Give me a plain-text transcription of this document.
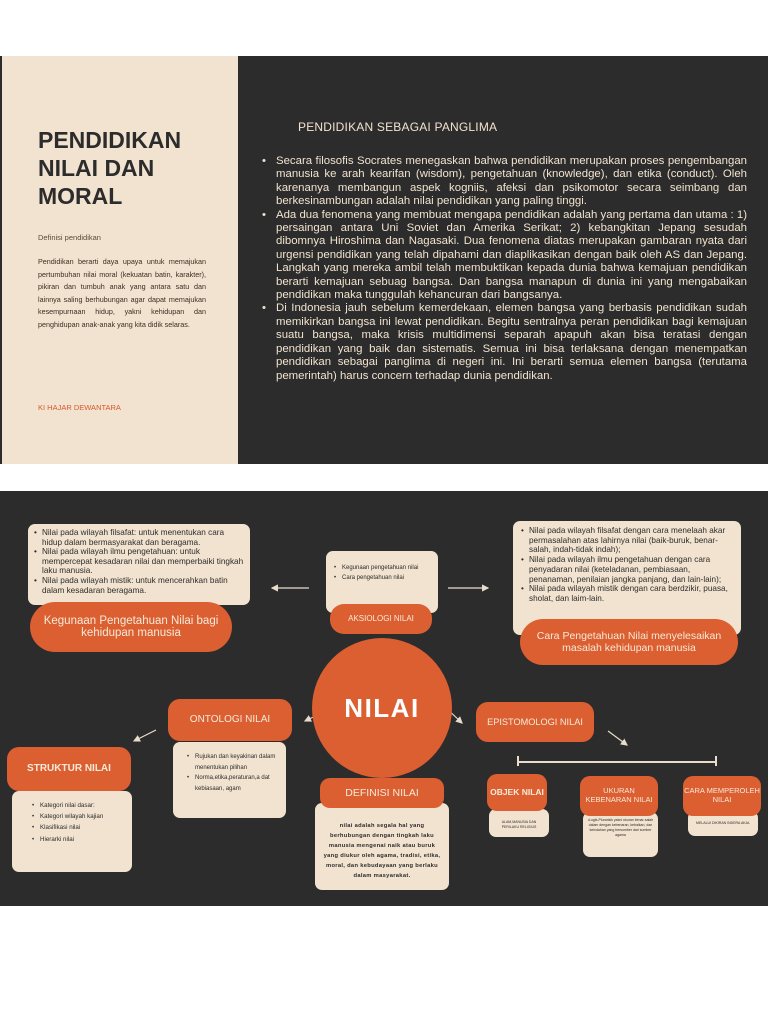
PENDIDIKAN
NILAI DAN
MORAL
Definisi pendidikan
Pendidikan berarti daya upaya untuk memajukan pertumbuhan nilai moral (kekuatan batin, karakter), pikiran dan tumbuh anak yang antara satu dan lainnya saling berhubungan agar dapat memajukan kesempurnaan hidup, yakni kehidupan dan penghidupan anak-anak yang kita didik selaras.
KI HAJAR DEWANTARA
PENDIDIKAN SEBAGAI PANGLIMA
• Secara filosofis Socrates menegaskan bahwa pendidikan merupakan proses pengembangan manusia ke arah kearifan (wisdom), pengetahuan (knowledge), dan etika (conduct). Oleh karenanya membangun aspek kogniis, afeksi dan psikomotor secara seimbang dan berkesinambungan adalah nilai pendidikan yang paling tinggi.
• Ada dua fenomena yang membuat mengapa pendidikan adalah yang pertama dan utama : 1) persaingan antara Uni Soviet dan Amerika Serikat; 2) kebangkitan Jepang sesudah dibomnya Hiroshima dan Nagasaki. Dua fenomena diatas merupakan gambaran nyata dari urgensi pendidikan yang telah dipahami dan diaplikasikan dengan baik oleh AS dan Jepang. Langkah yang mereka ambil telah membuktikan kepada dunia bahwa kemajuan pendidikan berarti kemajuan sebuag bangsa. Dan bangsa manapun di dunia ini yang mengabaikan pendidikan maka tunggulah kehancuran dari bangsanya.
• Di Indonesia jauh sebelum kemerdekaan, elemen bangsa yang berbasis pendidikan sudah memikirkan bangsa ini lewat pendidikan. Begitu sentralnya peran pendidikan bagi kemajuan suatu bangsa, maka krisis multidimensi separah apapuh akan bisa teratasi dengan pendidikan yang baik dan sistematis. Semua ini bisa terlaksana dengan menempatkan pendidikan sebagai panglima di negeri ini. Ini berarti semua elemen bangsa (terutama pemerintah) harus concern terhadap dunia pendidikan.
• Nilai pada wilayah filsafat: untuk menentukan cara hidup dalam bermasyarakat dan beragama.
• Nilai pada wilayah ilmu pengetahuan: untuk mempercepat kesadaran nilai dan memperbaiki tingkah laku manusia.
• Nilai pada wilayah mistik: untuk mencerahkan batin dalam kesadaran beragama.
Kegunaan Pengetahuan Nilai bagi kehidupan manusia
• Kegunaan pengetahuan nilai
• Cara pengetahuan nilai
AKSIOLOGI NILAI
• Nilai pada wilayah filsafat dengan cara menelaah akar permasalahan atas lahirnya nilai (baik-buruk, benar-salah, indah-tidak indah);
• Nilai pada wilayah ilmu pengetahuan dengan cara penyadaran nilai (keteladanan, pembiasaan, penanaman, penilaian jangka panjang, dan lain-lain);
• Nilai pada wilayah mistik dengan cara berdzikir, puasa, sholat, dan laim-lain.
Cara Pengetahuan Nilai menyelesaikan masalah kehidupan manusia
NILAI
ONTOLOGI NILAI
• Rujukan dan keyakinan dalam menentukan pilihan
• Norma,etika,peraturan,a dat kebiasaan, agam
EPISTOMOLOGI NILAI
STRUKTUR NILAI
• Kategori nilai dasar:
• Kategori wilayah kajian
• Klasifikasi nilai
• Hierarki nilai
nilai adalah segala hal yang berhubungan dengan tingkah laku manusia mengenai naik atau buruk yang diukur oleh agama, tradisi, etika, moral, dan kebudayaan yang berlaku dalam masyarakat.
DEFINISI NILAI
ALAM,MANUSIA DAN PERILAKU RELIGIUS
OBJEK NILAI
•Logik-Plurarisik yakni ukuran benar-salah dalam dengan kebenaran, kebaikan, dan keindahan yang bersumber dari sumber agama
UKURAN KEBENARAN NILAI
MELALUI DIKIRAN INDERA AKAL
CARA MEMPEROLEH NILAI
